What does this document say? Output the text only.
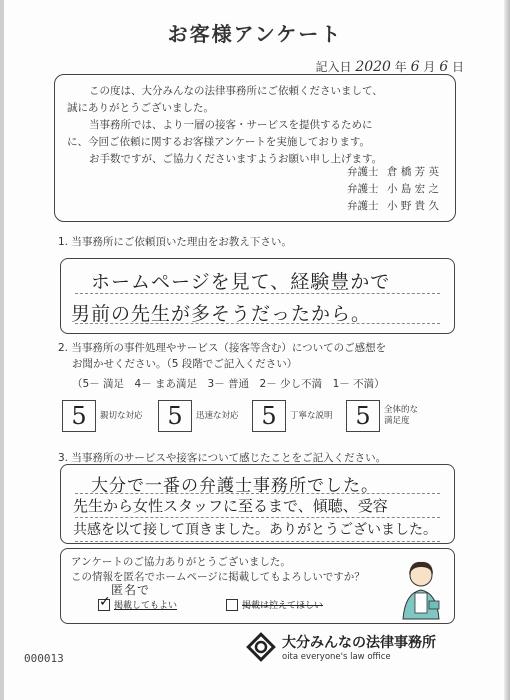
お客様アンケート
記入日 2020 年 6 月 6 日

この度は、大分みんなの法律事務所にご依頼くださいまして、

誠にありがとうございました。

当事務所では、より一層の接客・サービスを提供するために

に、今回ご依頼に関するお客様アンケートを実施しております。

お手数ですが、ご協力くださいますようお願い申し上げます。

弁護士 倉 橋 芳 英
弁護士 小 島 宏 之
弁護士 小 野 貴 久
1. 当事務所にご依頼頂いた理由をお教え下さい。
ホームページを見て、経験豊かで
男前の先生が多そうだったから。
2. 当事務所の事件処理やサービス（接客等含む）についてのご感想を
お聞かせください。（5 段階でご記入ください）
（5－ 満足　4－ まあ満足　3－ 普通　2－ 少し不満　1－ 不満）
5	親切な対応	5	迅速な対応 5	丁寧な説明 5	全体的な
満足度
3. 当事務所のサービスや接客について感じたことをご記入ください。
大分で一番の弁護士事務所でした。
先生から女性スタッフに至るまで、傾聴、受容
共感を以て接して頂きました。ありがとうございました。
アンケートのご協力ありがとうございました。
この情報を匿名でホームページに掲載してもよろしいですか？
匿名で
✓
掲載してもよい	掲載は控えてほしい
000013
大分みんなの法律事務所
oita everyone's law office
